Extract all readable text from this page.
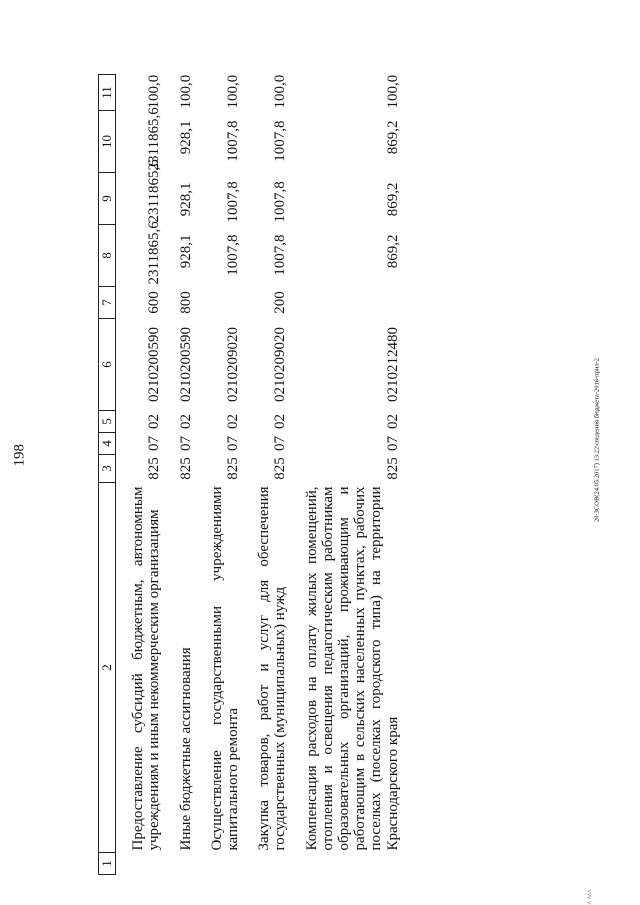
198	20-ЗСОВ(24.05.2017) 13:22\сведения бюджета-2016-прил-2
^ ^^^
1	2	3	4	5	6	7	8	9	10	11
	Предоставление субсидий бюджетным, автономным учреждениям и иным некоммерческим организациям	825	07	02	0210200590	600	2311865,6	2311865,6	2311865,6	100,0
	Иные бюджетные ассигнования	825	07	02	0210200590	800	928,1	928,1	928,1	100,0
	Осуществление государственными учреждениями капитального ремонта	825	07	02	0210209020		1007,8	1007,8	1007,8	100,0
	Закупка товаров, работ и услуг для обеспечения государственных (муниципальных) нужд	825	07	02	0210209020	200	1007,8	1007,8	1007,8	100,0
	Компенсация расходов на оплату жилых помещений, отопления и освещения педагогическим работникам образовательных организаций, проживающим и работающим в сельских населенных пунктах, рабочих поселках (поселках городского типа) на территории Краснодарского края	825	07	02	0210212480		869,2	869,2	869,2	100,0
